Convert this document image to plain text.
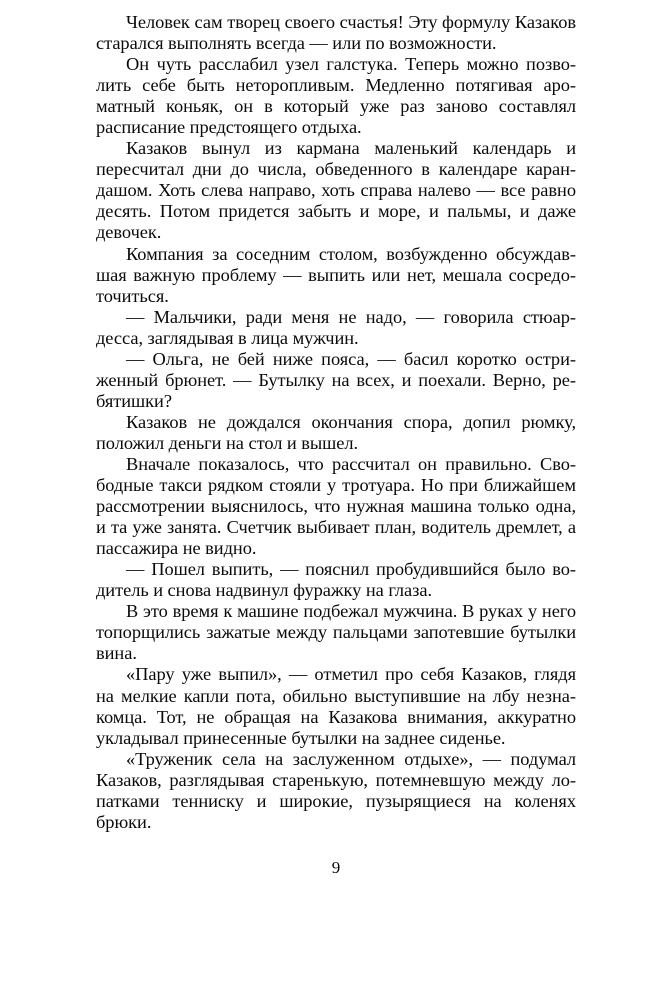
Человек сам творец своего счастья! Эту формулу Казаков старался выполнять всегда — или по возможности.

Он чуть расслабил узел галстука. Теперь можно позволить себе быть неторопливым. Медленно потягивая ароматный коньяк, он в который уже раз заново составлял расписание предстоящего отдыха.

Казаков вынул из кармана маленький календарь и пересчитал дни до числа, обведенного в календаре карандашом. Хоть слева направо, хоть справа налево — все равно десять. Потом придется забыть и море, и пальмы, и даже девочек.

Компания за соседним столом, возбужденно обсуждавшая важную проблему — выпить или нет, мешала сосредоточиться.

— Мальчики, ради меня не надо, — говорила стюардесса, заглядывая в лица мужчин.

— Ольга, не бей ниже пояса, — басил коротко остриженный брюнет. — Бутылку на всех, и поехали. Верно, ребятишки?

Казаков не дождался окончания спора, допил рюмку, положил деньги на стол и вышел.

Вначале показалось, что рассчитал он правильно. Свободные такси рядком стояли у тротуара. Но при ближайшем рассмотрении выяснилось, что нужная машина только одна, и та уже занята. Счетчик выбивает план, водитель дремлет, а пассажира не видно.

— Пошел выпить, — пояснил пробудившийся было водитель и снова надвинул фуражку на глаза.

В это время к машине подбежал мужчина. В руках у него топорщились зажатые между пальцами запотевшие бутылки вина.

«Пару уже выпил», — отметил про себя Казаков, глядя на мелкие капли пота, обильно выступившие на лбу незнакомца. Тот, не обращая на Казакова внимания, аккуратно укладывал принесенные бутылки на заднее сиденье.

«Труженик села на заслуженном отдыхе», — подумал Казаков, разглядывая старенькую, потемневшую между лопатками тенниску и широкие, пузырящиеся на коленях брюки.

9
